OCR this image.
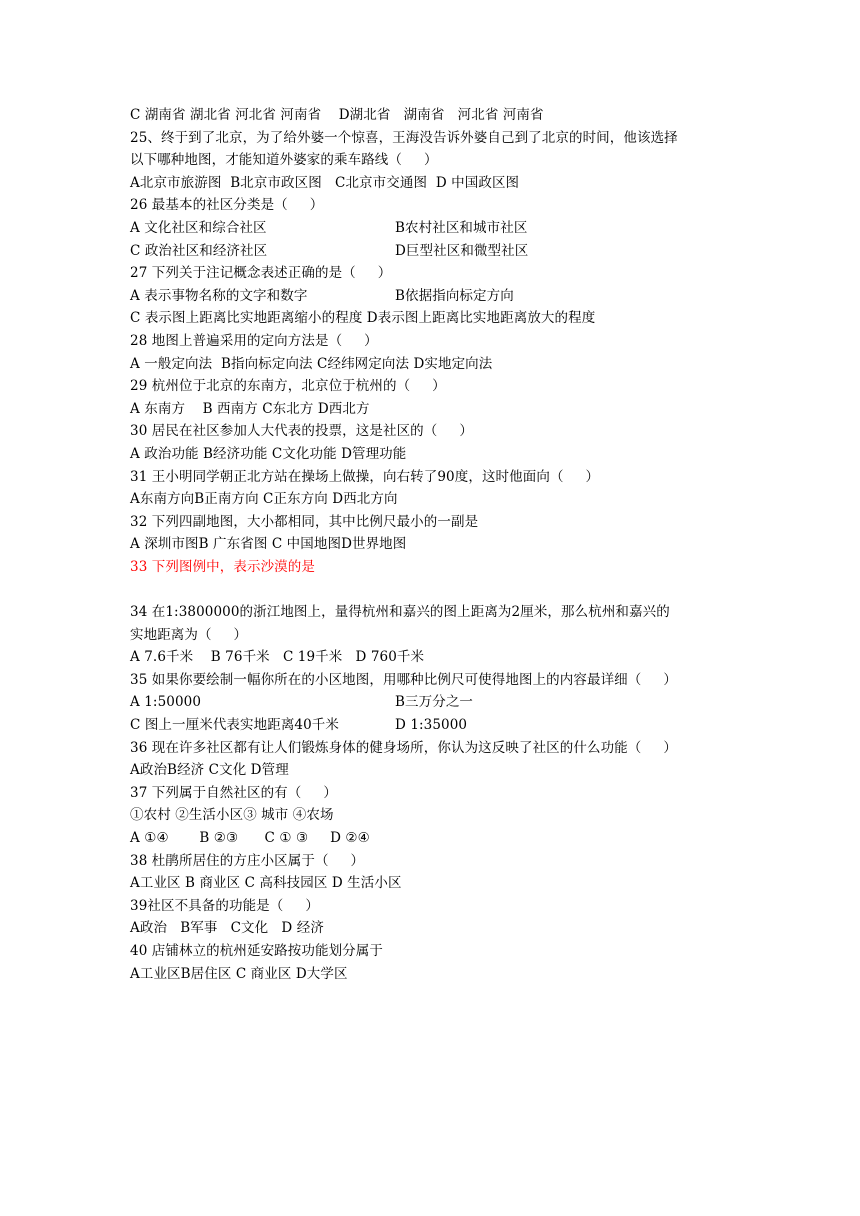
C 湖南省 湖北省 河北省 河南省    D湖北省   湖南省   河北省 河南省
25、终于到了北京，为了给外婆一个惊喜，王海没告诉外婆自己到了北京的时间，他该选择
以下哪种地图，才能知道外婆家的乘车路线（     ）
A北京市旅游图  B北京市政区图   C北京市交通图  D 中国政区图
26 最基本的社区分类是（     ）
A 文化社区和综合社区	B农村社区和城市社区
C 政治社区和经济社区	D巨型社区和微型社区
27 下列关于注记概念表述正确的是（     ）
A 表示事物名称的文字和数字	B依据指向标定方向
C 表示图上距离比实地距离缩小的程度 D表示图上距离比实地距离放大的程度
28 地图上普遍采用的定向方法是（     ）
A 一般定向法  B指向标定向法 C经纬网定向法 D实地定向法
29 杭州位于北京的东南方，北京位于杭州的（     ）
A 东南方    B 西南方 C东北方 D西北方
30 居民在社区参加人大代表的投票，这是社区的（     ）
A 政治功能 B经济功能 C文化功能 D管理功能
31 王小明同学朝正北方站在操场上做操，向右转了90度，这时他面向（     ）
A东南方向B正南方向 C正东方向 D西北方向
32 下列四副地图，大小都相同，其中比例尺最小的一副是
A 深圳市图B 广东省图 C 中国地图D世界地图
33 下列图例中，表示沙漠的是
34 在1:3800000的浙江地图上，量得杭州和嘉兴的图上距离为2厘米，那么杭州和嘉兴的
实地距离为（     ）
A 7.6千米    B 76千米   C 19千米   D 760千米
35 如果你要绘制一幅你所在的小区地图，用哪种比例尺可使得地图上的内容最详细（     ）
A 1:50000	B三万分之一
C 图上一厘米代表实地距离40千米	D 1:35000
36 现在许多社区都有让人们锻炼身体的健身场所，你认为这反映了社区的什么功能（     ）
A政治B经济 C文化 D管理
37 下列属于自然社区的有（     ）
①农村 ②生活小区③ 城市 ④农场
A ①④       B ②③      C ① ③     D ②④
38 杜鹃所居住的方庄小区属于（     ）
A工业区 B 商业区 C 高科技园区 D 生活小区
39社区不具备的功能是（     ）
A政治   B军事   C文化   D 经济
40 店铺林立的杭州延安路按功能划分属于
A工业区B居住区 C 商业区 D大学区
